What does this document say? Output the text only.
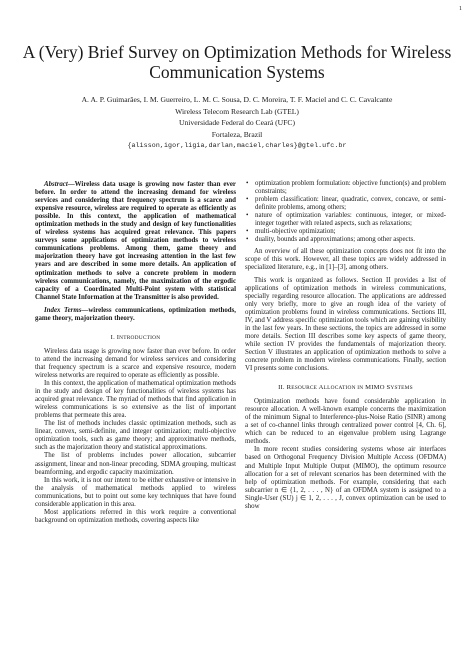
1
A (Very) Brief Survey on Optimization Methods for Wireless Communication Systems
A. A. P. Guimarães, I. M. Guerreiro, L. M. C. Sousa, D. C. Moreira, T. F. Maciel and C. C. Cavalcante
Wireless Telecom Research Lab (GTEL)
Universidade Federal do Ceará (UFC)
Fortaleza, Brazil
{alisson,igor,ligia,darlan,maciel,charles}@gtel.ufc.br

Abstract—Wireless data usage is growing now faster than ever before. In order to attend the increasing demand for wireless services and considering that frequency spectrum is a scarce and expensive resource, wireless are required to operate as efficiently as possible. In this context, the application of mathematical optimization methods in the study and design of key functionalities of wireless systems has acquired great relevance. This papers surveys some applications of optimization methods to wireless communications problems. Among them, game theory and majorization theory have got increasing attention in the last few years and are described in some more details. An application of optimization methods to solve a concrete problem in modern wireless communications, namely, the maximization of the ergodic capacity of a Coordinated Multi-Point system with statistical Channel State Information at the Transmitter is also provided.

Index Terms—wireless communications, optimization methods, game theory, majorization theory.

I. INTRODUCTION

Wireless data usage is growing now faster than ever before. In order to attend the increasing demand for wireless services and considering that frequency spectrum is a scarce and expensive resource, modern wireless networks are required to operate as efficiently as possible.

In this context, the application of mathematical optimization methods in the study and design of key functionalities of wireless systems has acquired great relevance. The myriad of methods that find application in wireless communications is so extensive as the list of important problems that permeate this area.

The list of methods includes classic optimization methods, such as linear, convex, semi-definite, and integer optimization; multi-objective optimization tools, such as game theory; and approximative methods, such as the majorization theory and statistical approximations.

The list of problems includes power allocation, subcarrier assignment, linear and non-linear precoding, SDMA grouping, multicast beamforming, and ergodic capacity maximization.

In this work, it is not our intent to be either exhaustive or intensive in the analysis of mathematical methods applied to wireless communications, but to point out some key techniques that have found considerable application in this area.

Most applications referred in this work require a conventional background on optimization methods, covering aspects like

• optimization problem formulation: objective function(s) and problem constraints;
• problem classification: linear, quadratic, convex, concave, or semi-definite problems, among others;
• nature of optimization variables: continuous, integer, or mixed-integer together with related aspects, such as relaxations;
• multi-objective optimization;
• duality, bounds and approximations; among other aspects.

An overview of all these optimization concepts does not fit into the scope of this work. However, all these topics are widely addressed in specialized literature, e.g., in [1]–[3], among others.

This work is organized as follows. Section II provides a list of applications of optimization methods in wireless communications, specially regarding resource allocation. The applications are addressed only very briefly, more to give an rough idea of the variety of optimization problems found in wireless communications. Sections III, IV, and V address specific optimization tools which are gaining visibility in the last few years. In these sections, the topics are addressed in some more details. Section III describes some key aspects of game theory, while section IV provides the fundamentals of majorization theory. Section V illustrates an application of optimization methods to solve a concrete problem in modern wireless communications. Finally, section VI presents some conclusions.

II. RESOURCE ALLOCATION IN MIMO SYSTEMS

Optimization methods have found considerable application in resource allocation. A well-known example concerns the maximization of the minimum Signal to Interference-plus-Noise Ratio (SINR) among a set of co-channel links through centralized power control [4, Ch. 6], which can be reduced to an eigenvalue problem using Lagrange methods.

In more recent studies considering systems whose air interfaces based on Orthogonal Frequency Division Multiple Access (OFDMA) and Multiple Input Multiple Output (MIMO), the optimum resource allocation for a set of relevant scenarios has been determined with the help of optimization methods. For example, considering that each subcarrier n ∈ {1, 2, . . . , N} of an OFDMA system is assigned to a Single-User (SU) j ∈ 1, 2, . . . , J, convex optimization can be used to show
